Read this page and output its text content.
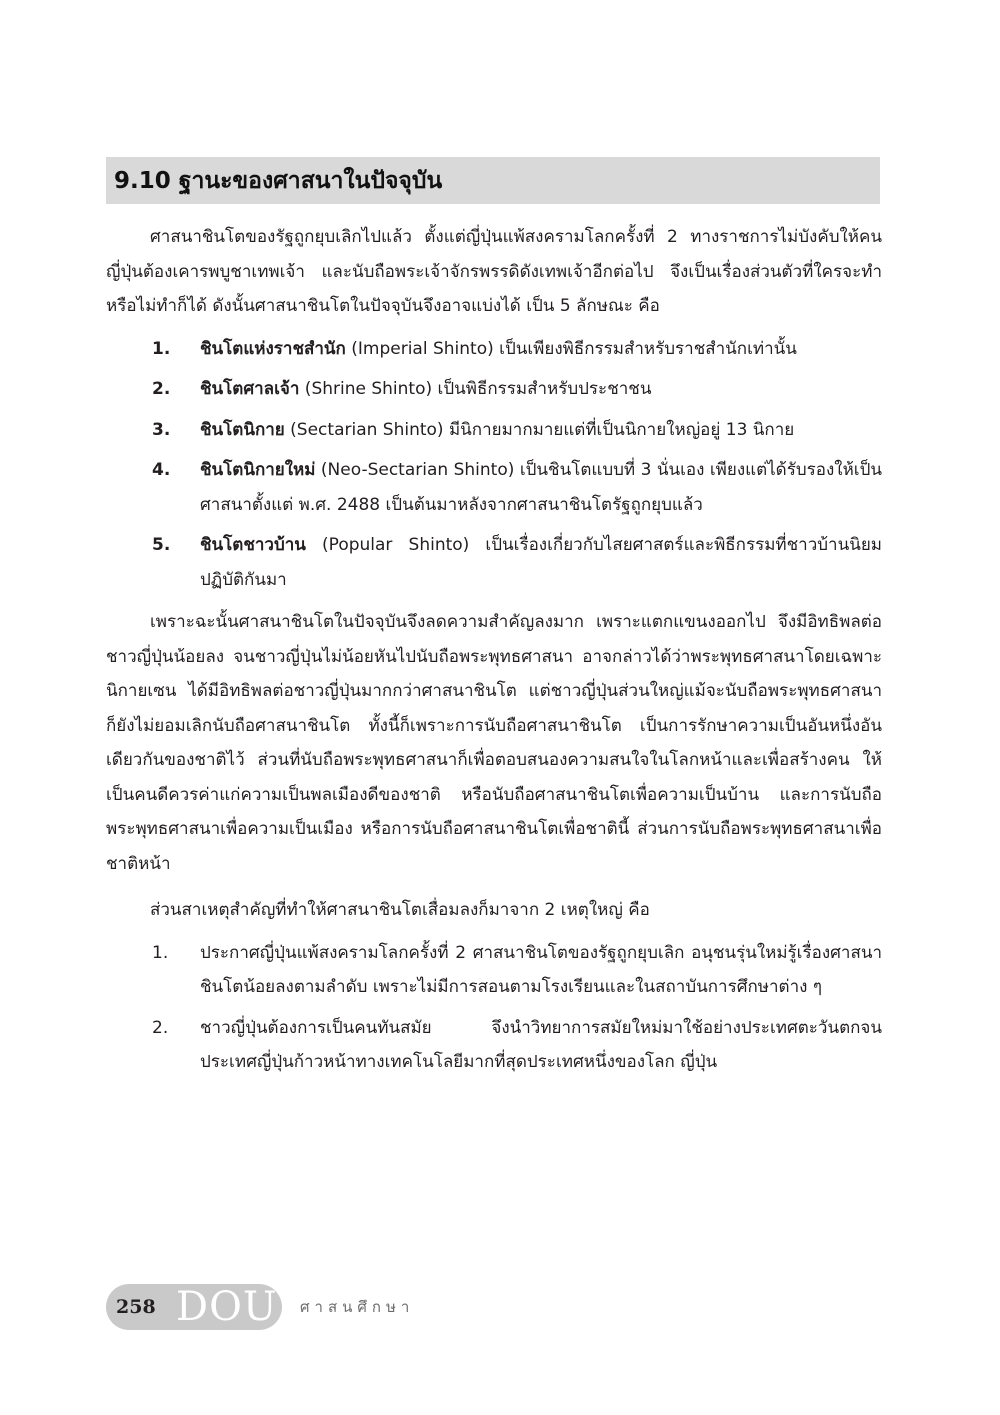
9.10 ฐานะของศาสนาในปัจจุบัน

ศาสนาชินโตของรัฐถูกยุบเลิกไปแล้ว ตั้งแต่ญี่ปุ่นแพ้สงครามโลกครั้งที่ 2 ทางราชการไม่บังคับให้คนญี่ปุ่นต้องเคารพบูชาเทพเจ้า และนับถือพระเจ้าจักรพรรดิดังเทพเจ้าอีกต่อไป จึงเป็นเรื่องส่วนตัวที่ใครจะทำหรือไม่ทำก็ได้ ดังนั้นศาสนาชินโตในปัจจุบันจึงอาจแบ่งได้ เป็น 5 ลักษณะ คือ

1. ชินโตแห่งราชสำนัก (Imperial Shinto) เป็นเพียงพิธีกรรมสำหรับราชสำนักเท่านั้น
2. ชินโตศาลเจ้า (Shrine Shinto) เป็นพิธีกรรมสำหรับประชาชน
3. ชินโตนิกาย (Sectarian Shinto) มีนิกายมากมายแต่ที่เป็นนิกายใหญ่อยู่ 13 นิกาย
4. ชินโตนิกายใหม่ (Neo-Sectarian Shinto) เป็นชินโตแบบที่ 3 นั่นเอง เพียงแต่ได้รับรองให้เป็นศาสนาตั้งแต่ พ.ศ. 2488 เป็นต้นมาหลังจากศาสนาชินโตรัฐถูกยุบแล้ว
5. ชินโตชาวบ้าน (Popular Shinto) เป็นเรื่องเกี่ยวกับไสยศาสตร์และพิธีกรรมที่ชาวบ้านนิยมปฏิบัติกันมา

เพราะฉะนั้นศาสนาชินโตในปัจจุบันจึงลดความสำคัญลงมาก เพราะแตกแขนงออกไป จึงมีอิทธิพลต่อชาวญี่ปุ่นน้อยลง จนชาวญี่ปุ่นไม่น้อยหันไปนับถือพระพุทธศาสนา อาจกล่าวได้ว่าพระพุทธศาสนาโดยเฉพาะนิกายเซน ได้มีอิทธิพลต่อชาวญี่ปุ่นมากกว่าศาสนาชินโต แต่ชาวญี่ปุ่นส่วนใหญ่แม้จะนับถือพระพุทธศาสนา ก็ยังไม่ยอมเลิกนับถือศาสนาชินโต ทั้งนี้ก็เพราะการนับถือศาสนาชินโต เป็นการรักษาความเป็นอันหนึ่งอันเดียวกันของชาติไว้ ส่วนที่นับถือพระพุทธศาสนาก็เพื่อตอบสนองความสนใจในโลกหน้าและเพื่อสร้างคน ให้เป็นคนดีควรค่าแก่ความเป็นพลเมืองดีของชาติ หรือนับถือศาสนาชินโตเพื่อความเป็นบ้าน และการนับถือพระพุทธศาสนาเพื่อความเป็นเมือง หรือการนับถือศาสนาชินโตเพื่อชาตินี้ ส่วนการนับถือพระพุทธศาสนาเพื่อชาติหน้า

ส่วนสาเหตุสำคัญที่ทำให้ศาสนาชินโตเสื่อมลงก็มาจาก 2 เหตุใหญ่ คือ

1. ประกาศญี่ปุ่นแพ้สงครามโลกครั้งที่ 2 ศาสนาชินโตของรัฐถูกยุบเลิก อนุชนรุ่นใหม่รู้เรื่องศาสนาชินโตน้อยลงตามลำดับ เพราะไม่มีการสอนตามโรงเรียนและในสถาบันการศึกษาต่าง ๆ
2. ชาวญี่ปุ่นต้องการเป็นคนทันสมัย จึงนำวิทยาการสมัยใหม่มาใช้อย่างประเทศตะวันตกจนประเทศญี่ปุ่นก้าวหน้าทางเทคโนโลยีมากที่สุดประเทศหนึ่งของโลก ญี่ปุ่น
258 DOU ศาสนศึกษา
